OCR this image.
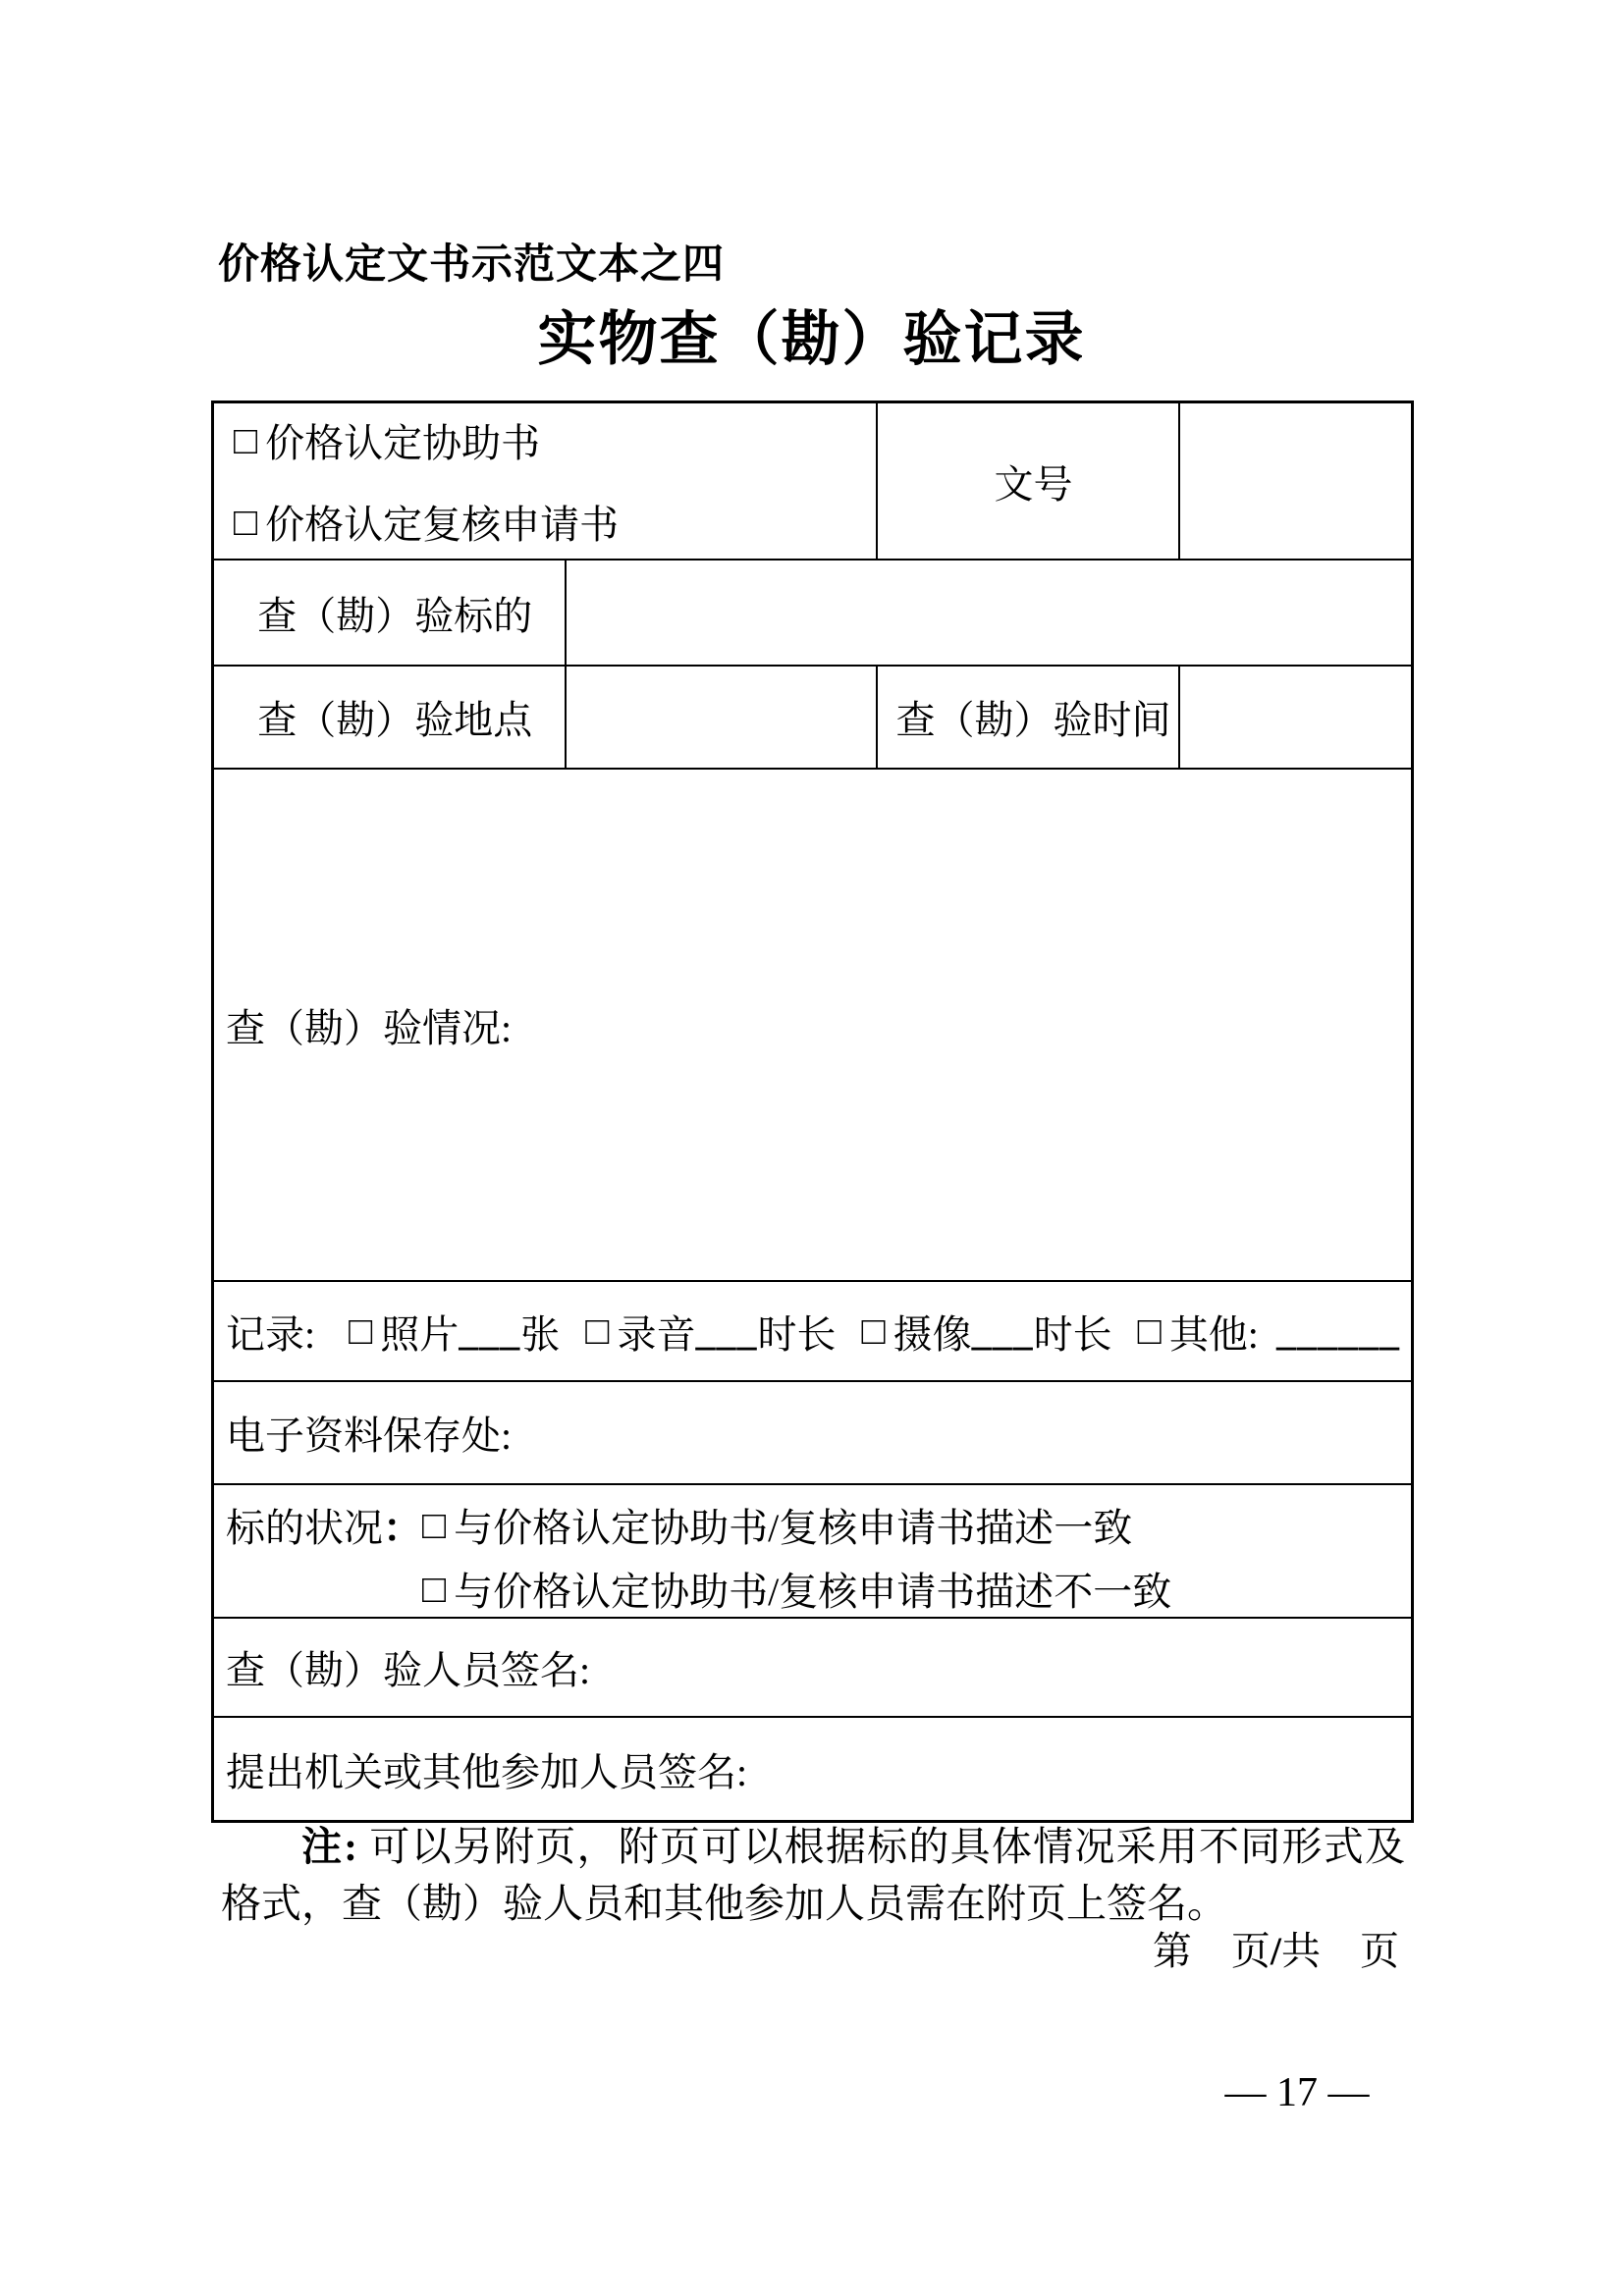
价格认定文书示范文本之四
实物查（勘）验记录
□ 价格认定协助书
□ 价格认定复核申请书		文号	
查（勘）验标的			
查（勘）验地点		查（勘）验时间	
查（勘）验情况:			

记录: □ 照片 ___ 张 □ 录音 ___ 时长 □ 摄像 ___ 时长 □ 其他: ______

电子资料保存处:			

标的状况： □ 与价格认定协助书/复核申请书描述一致
□ 与价格认定协助书/复核申请书描述不一致			

查（勘）验人员签名:			
提出机关或其他参加人员签名:			
注: 可以另附页，附页可以根据标的具体情况采用不同形式及格式，查（勘）验人员和其他参加人员需在附页上签名。
第　页/共　页
— 17 —
